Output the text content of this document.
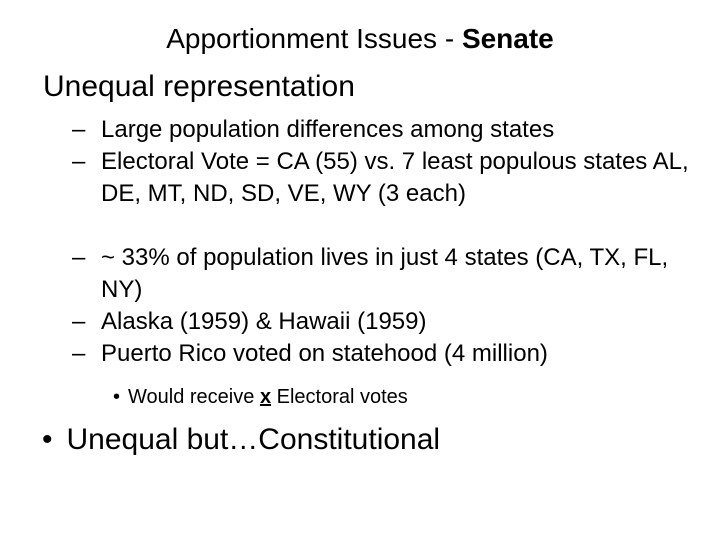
Apportionment Issues - Senate
Unequal representation
– Large population differences among states
– Electoral Vote = CA (55) vs. 7 least populous states AL, DE, MT, ND, SD, VE, WY (3 each)
– ~ 33% of population lives in just 4 states (CA, TX, FL, NY)
– Alaska (1959) & Hawaii (1959)
– Puerto Rico voted on statehood (4 million)
• Would receive x Electoral votes
• Unequal but…Constitutional
